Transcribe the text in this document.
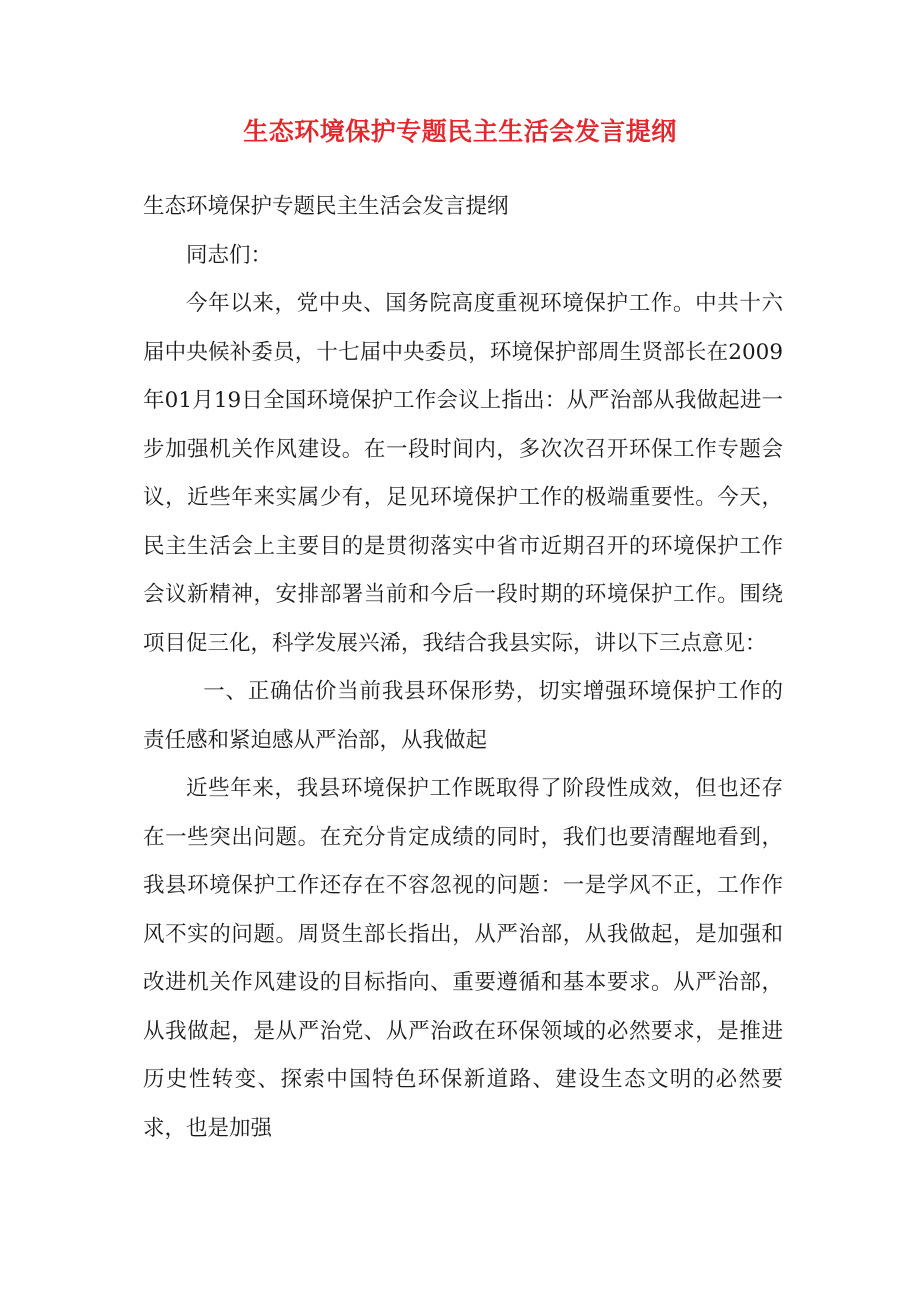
生态环境保护专题民主生活会发言提纲

生态环境保护专题民主生活会发言提纲

同志们：

今年以来，党中央、国务院高度重视环境保护工作。中共十六届中央候补委员，十七届中央委员，环境保护部周生贤部长在2009年01月19日全国环境保护工作会议上指出：从严治部从我做起进一步加强机关作风建设。在一段时间内，多次次召开环保工作专题会议，近些年来实属少有，足见环境保护工作的极端重要性。今天，民主生活会上主要目的是贯彻落实中省市近期召开的环境保护工作会议新精神，安排部署当前和今后一段时期的环境保护工作。围绕项目促三化，科学发展兴浠，我结合我县实际，讲以下三点意见：

一、正确估价当前我县环保形势，切实增强环境保护工作的责任感和紧迫感从严治部，从我做起

近些年来，我县环境保护工作既取得了阶段性成效，但也还存在一些突出问题。在充分肯定成绩的同时，我们也要清醒地看到，我县环境保护工作还存在不容忽视的问题：一是学风不正，工作作风不实的问题。周贤生部长指出，从严治部，从我做起，是加强和改进机关作风建设的目标指向、重要遵循和基本要求。从严治部，从我做起，是从严治党、从严治政在环保领域的必然要求，是推进历史性转变、探索中国特色环保新道路、建设生态文明的必然要求，也是加强
